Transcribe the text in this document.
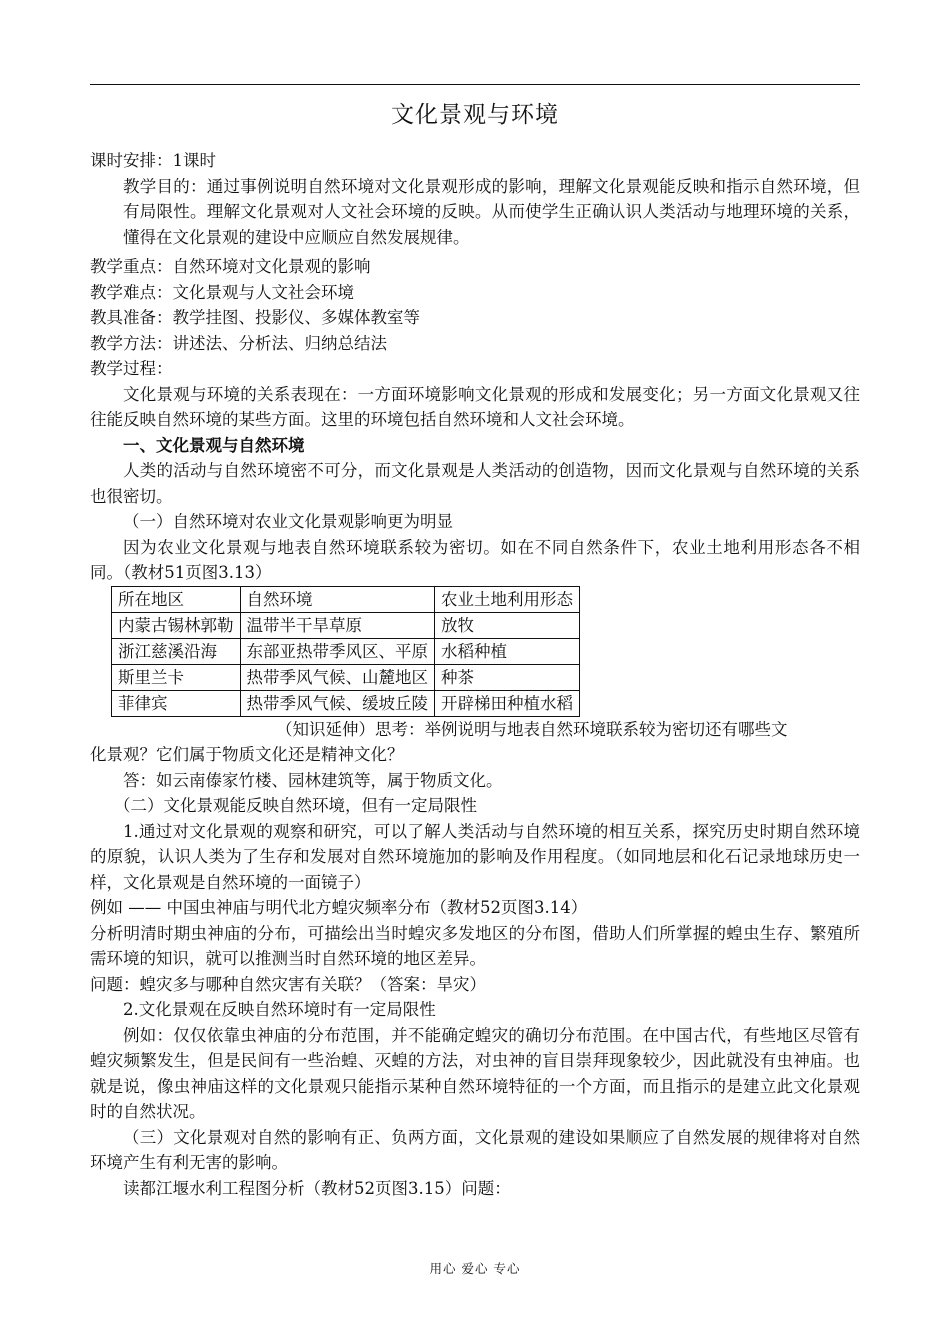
文化景观与环境

课时安排：1课时

教学目的：通过事例说明自然环境对文化景观形成的影响，理解文化景观能反映和指示自然环境，但有局限性。理解文化景观对人文社会环境的反映。从而使学生正确认识人类活动与地理环境的关系，懂得在文化景观的建设中应顺应自然发展规律。

教学重点：自然环境对文化景观的影响

教学难点：文化景观与人文社会环境

教具准备：教学挂图、投影仪、多媒体教室等

教学方法：讲述法、分析法、归纳总结法

教学过程：

文化景观与环境的关系表现在：一方面环境影响文化景观的形成和发展变化；另一方面文化景观又往往能反映自然环境的某些方面。这里的环境包括自然环境和人文社会环境。

一、文化景观与自然环境

人类的活动与自然环境密不可分，而文化景观是人类活动的创造物，因而文化景观与自然环境的关系也很密切。

（一）自然环境对农业文化景观影响更为明显

因为农业文化景观与地表自然环境联系较为密切。如在不同自然条件下，农业土地利用形态各不相同。（教材51页图3.13）

所在地区	自然环境	农业土地利用形态
内蒙古锡林郭勒	温带半干旱草原	放牧
浙江慈溪沿海	东部亚热带季风区、平原	水稻种植
斯里兰卡	热带季风气候、山麓地区	种茶
菲律宾	热带季风气候、缓坡丘陵	开辟梯田种植水稻

（知识延伸）思考：举例说明与地表自然环境联系较为密切还有哪些文

化景观？它们属于物质文化还是精神文化？

答：如云南傣家竹楼、园林建筑等，属于物质文化。

（二）文化景观能反映自然环境，但有一定局限性

1.通过对文化景观的观察和研究，可以了解人类活动与自然环境的相互关系，探究历史时期自然环境的原貌，认识人类为了生存和发展对自然环境施加的影响及作用程度。（如同地层和化石记录地球历史一样，文化景观是自然环境的一面镜子）

例如 —— 中国虫神庙与明代北方蝗灾频率分布（教材52页图3.14）

分析明清时期虫神庙的分布，可描绘出当时蝗灾多发地区的分布图，借助人们所掌握的蝗虫生存、繁殖所需环境的知识，就可以推测当时自然环境的地区差异。

问题：蝗灾多与哪种自然灾害有关联？（答案：旱灾）

2.文化景观在反映自然环境时有一定局限性

例如：仅仅依靠虫神庙的分布范围，并不能确定蝗灾的确切分布范围。在中国古代，有些地区尽管有蝗灾频繁发生，但是民间有一些治蝗、灭蝗的方法，对虫神的盲目崇拜现象较少，因此就没有虫神庙。也就是说，像虫神庙这样的文化景观只能指示某种自然环境特征的一个方面，而且指示的是建立此文化景观时的自然状况。

（三）文化景观对自然的影响有正、负两方面，文化景观的建设如果顺应了自然发展的规律将对自然环境产生有利无害的影响。

读都江堰水利工程图分析（教材52页图3.15）问题：

用心 爱心 专心
